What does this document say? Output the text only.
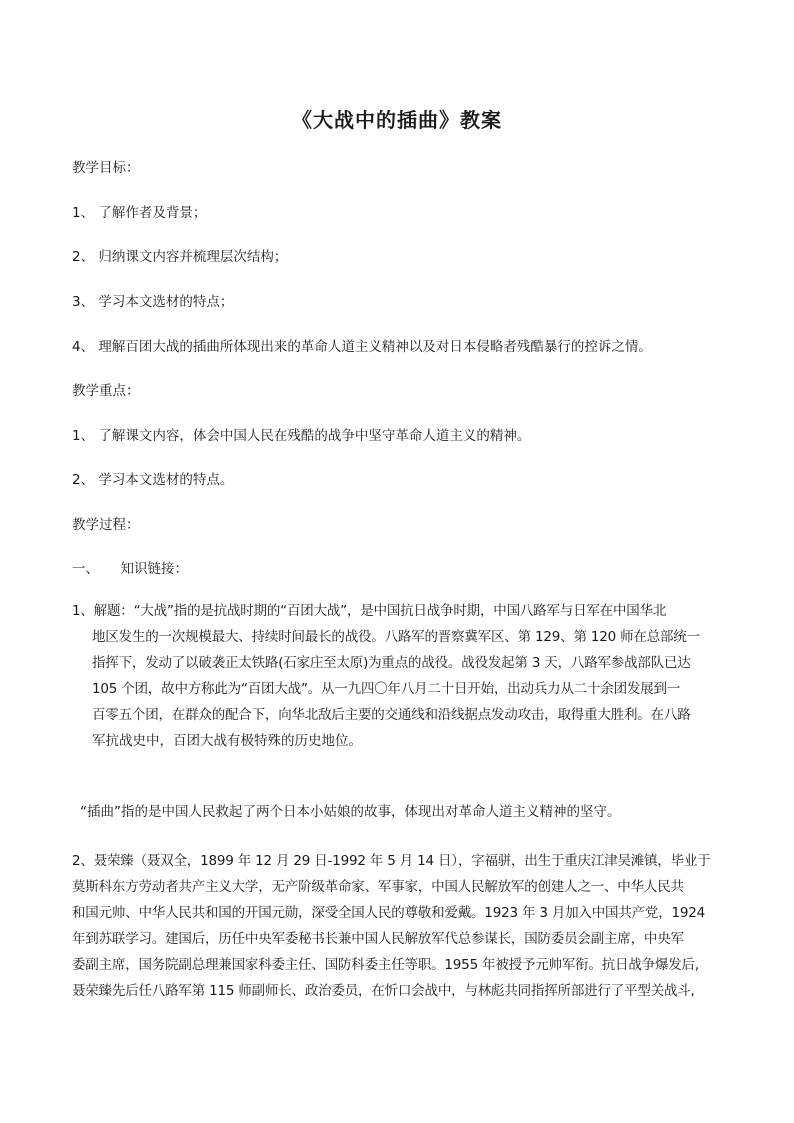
《大战中的插曲》教案
教学目标：
1、 了解作者及背景；
2、 归纳课文内容并梳理层次结构；
3、 学习本文选材的特点；
4、 理解百团大战的插曲所体现出来的革命人道主义精神以及对日本侵略者残酷暴行的控诉之情。
教学重点：
1、 了解课文内容，体会中国人民在残酷的战争中坚守革命人道主义的精神。
2、 学习本文选材的特点。
教学过程：
一、     知识链接：
1、解题：“大战”指的是抗战时期的“百团大战”，是中国抗日战争时期，中国八路军与日军在中国华北
地区发生的一次规模最大、持续时间最长的战役。八路军的晋察冀军区、第 129、第 120 师在总部统一
指挥下，发动了以破袭正太铁路(石家庄至太原)为重点的战役。战役发起第 3 天，八路军参战部队已达
105 个团，故中方称此为“百团大战”。从一九四〇年八月二十日开始，出动兵力从二十余团发展到一
百零五个团，在群众的配合下，向华北敌后主要的交通线和沿线据点发动攻击，取得重大胜利。在八路
军抗战史中，百团大战有极特殊的历史地位。
“插曲”指的是中国人民救起了两个日本小姑娘的故事，体现出对革命人道主义精神的坚守。
2、聂荣臻（聂双全，1899 年 12 月 29 日-1992 年 5 月 14 日），字福骈，出生于重庆江津吴滩镇，毕业于
莫斯科东方劳动者共产主义大学，无产阶级革命家、军事家，中国人民解放军的创建人之一、中华人民共
和国元帅、中华人民共和国的开国元勋，深受全国人民的尊敬和爱戴。1923 年 3 月加入中国共产党，1924
年到苏联学习。建国后，历任中央军委秘书长兼中国人民解放军代总参谋长，国防委员会副主席，中央军
委副主席，国务院副总理兼国家科委主任、国防科委主任等职。1955 年被授予元帅军衔。抗日战争爆发后,
聂荣臻先后任八路军第 115 师副师长、政治委员，在忻口会战中，与林彪共同指挥所部进行了平型关战斗,
